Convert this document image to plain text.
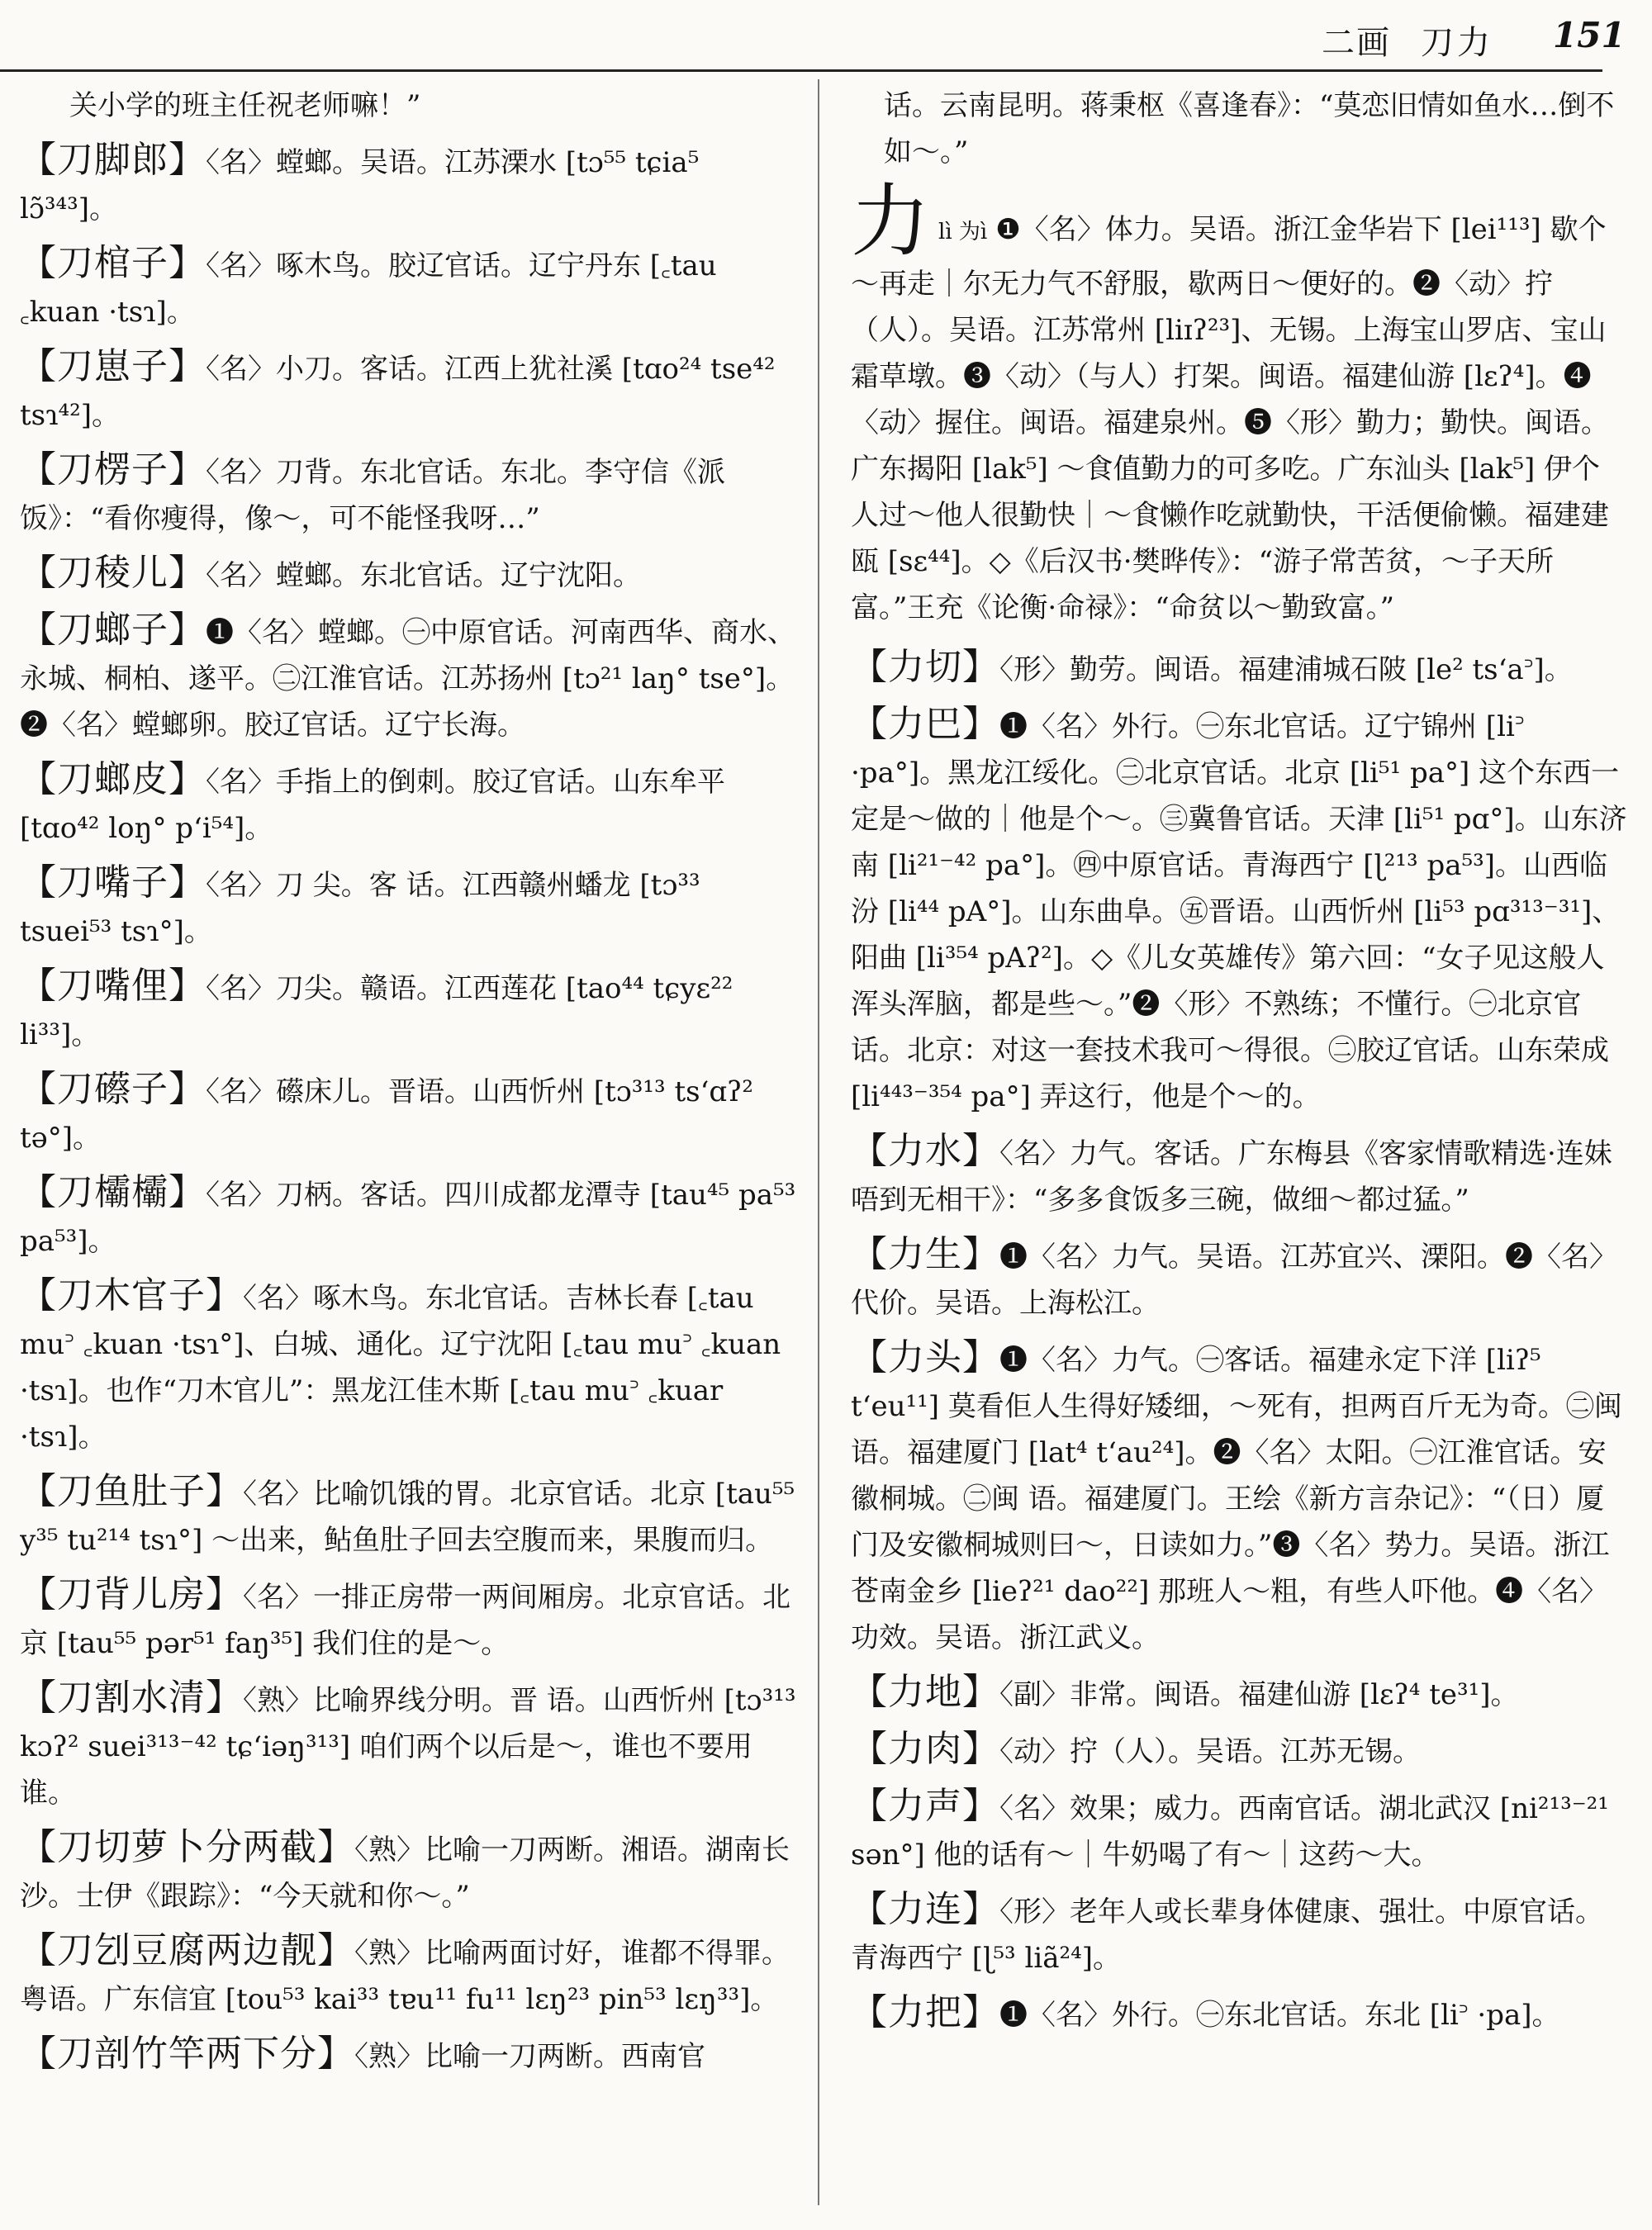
二画 刀力 151
关小学的班主任祝老师嘛！”
【刀脚郎】〈名〉螳螂。吴语。江苏溧水 [tɔ⁵⁵ tɕia⁵ lɔ̃³⁴³]。
【刀棺子】〈名〉啄木鸟。胶辽官话。辽宁丹东 [꜀tau ꜀kuan ·tsɿ]。
【刀崽子】〈名〉小刀。客话。江西上犹社溪 [tɑo²⁴ tse⁴² tsɿ⁴²]。
【刀楞子】〈名〉刀背。东北官话。东北。李守信《派饭》：“看你瘦得，像～，可不能怪我呀…”
【刀稜儿】〈名〉螳螂。东北官话。辽宁沈阳。
【刀螂子】❶〈名〉螳螂。㊀中原官话。河南西华、商水、永城、桐柏、遂平。㊁江淮官话。江苏扬州 [tɔ²¹ laŋ° tse°]。❷〈名〉螳螂卵。胶辽官话。辽宁长海。
【刀螂皮】〈名〉手指上的倒刺。胶辽官话。山东牟平 [tɑo⁴² loŋ° p‘i⁵⁴]。
【刀嘴子】〈名〉刀 尖。客 话。江西赣州蟠龙 [tɔ³³ tsuei⁵³ tsɿ°]。
【刀嘴俚】〈名〉刀尖。赣语。江西莲花 [tao⁴⁴ tɕyɛ²² li³³]。
【刀礤子】〈名〉礤床儿。晋语。山西忻州 [tɔ³¹³ ts‘ɑʔ² tə°]。
【刀欛欛】〈名〉刀柄。客话。四川成都龙潭寺 [tau⁴⁵ pa⁵³ pa⁵³]。
【刀木官子】〈名〉啄木鸟。东北官话。吉林长春 [꜀tau mu꜄ ꜀kuan ·tsɿ°]、白城、通化。辽宁沈阳 [꜀tau mu꜄ ꜀kuan ·tsɿ]。也作“刀木官儿”：黑龙江佳木斯 [꜀tau mu꜄ ꜀kuar ·tsɿ]。
【刀鱼肚子】〈名〉比喻饥饿的胃。北京官话。北京 [tau⁵⁵ y³⁵ tu²¹⁴ tsɿ°] ～出来，鲇鱼肚子回去空腹而来，果腹而归。
【刀背儿房】〈名〉一排正房带一两间厢房。北京官话。北京 [tau⁵⁵ pər⁵¹ faŋ³⁵] 我们住的是～。
【刀割水清】〈熟〉比喻界线分明。晋 语。山西忻州 [tɔ³¹³ kɔʔ² suei³¹³⁻⁴² tɕ‘iəŋ³¹³] 咱们两个以后是～，谁也不要用谁。
【刀切萝卜分两截】〈熟〉比喻一刀两断。湘语。湖南长沙。士伊《跟踪》：“今天就和你～。”
【刀刉豆腐两边靓】〈熟〉比喻两面讨好，谁都不得罪。粤语。广东信宜 [tou⁵³ kai³³ tɐu¹¹ fu¹¹ lɛŋ²³ pin⁵³ lɛŋ³³]。
【刀剖竹竿两下分】〈熟〉比喻一刀两断。西南官
话。云南昆明。蒋秉枢《喜逢春》：“莫恋旧情如鱼水…倒不如～。”
力lì 为ì ❶〈名〉体力。吴语。浙江金华岩下 [lei¹¹³] 歇个～再走｜尔无力气不舒服，歇两日～便好的。❷〈动〉拧（人）。吴语。江苏常州 [liɪʔ²³]、无锡。上海宝山罗店、宝山霜草墩。❸〈动〉（与人）打架。闽语。福建仙游 [lɛʔ⁴]。❹〈动〉握住。闽语。福建泉州。❺〈形〉勤力；勤快。闽语。广东揭阳 [lak⁵] ～食值勤力的可多吃。广东汕头 [lak⁵] 伊个人过～他人很勤快｜～食懒作吃就勤快，干活便偷懒。福建建瓯 [sɛ⁴⁴]。◇《后汉书·樊晔传》：“游子常苦贫，～子天所富。”王充《论衡·命禄》：“命贫以～勤致富。”
【力切】〈形〉勤劳。闽语。福建浦城石陂 [le² ts‘a꜄]。
【力巴】❶〈名〉外行。㊀东北官话。辽宁锦州 [li꜄ ·pa°]。黑龙江绥化。㊁北京官话。北京 [li⁵¹ pa°] 这个东西一定是～做的｜他是个～。㊂冀鲁官话。天津 [li⁵¹ pɑ°]。山东济南 [li²¹⁻⁴² pa°]。㊃中原官话。青海西宁 [ɭ²¹³ pa⁵³]。山西临汾 [li⁴⁴ pA°]。山东曲阜。㊄晋语。山西忻州 [li⁵³ pɑ³¹³⁻³¹]、阳曲 [li³⁵⁴ pAʔ²]。◇《儿女英雄传》第六回：“女子见这般人浑头浑脑，都是些～。”❷〈形〉不熟练；不懂行。㊀北京官话。北京：对这一套技术我可～得很。㊁胶辽官话。山东荣成 [li⁴⁴³⁻³⁵⁴ pa°] 弄这行，他是个～的。
【力水】〈名〉力气。客话。广东梅县《客家情歌精选·连妹唔到无相干》：“多多食饭多三碗，做细～都过猛。”
【力生】❶〈名〉力气。吴语。江苏宜兴、溧阳。❷〈名〉代价。吴语。上海松江。
【力头】❶〈名〉力气。㊀客话。福建永定下洋 [liʔ⁵ t‘eu¹¹] 莫看佢人生得好矮细，～死有，担两百斤无为奇。㊁闽语。福建厦门 [lat⁴ t‘au²⁴]。❷〈名〉太阳。㊀江淮官话。安徽桐城。㊁闽 语。福建厦门。王绘《新方言杂记》：“（日）厦门及安徽桐城则曰～，日读如力。”❸〈名〉势力。吴语。浙江苍南金乡 [lieʔ²¹ dao²²] 那班人～粗，有些人吓他。❹〈名〉功效。吴语。浙江武义。
【力地】〈副〉非常。闽语。福建仙游 [lɛʔ⁴ te³¹]。
【力肉】〈动〉拧（人）。吴语。江苏无锡。
【力声】〈名〉效果；威力。西南官话。湖北武汉 [ni²¹³⁻²¹ sən°] 他的话有～｜牛奶喝了有～｜这药～大。
【力连】〈形〉老年人或长辈身体健康、强壮。中原官话。青海西宁 [ɭ⁵³ liã²⁴]。
【力把】❶〈名〉外行。㊀东北官话。东北 [li꜄ ·pa]。
